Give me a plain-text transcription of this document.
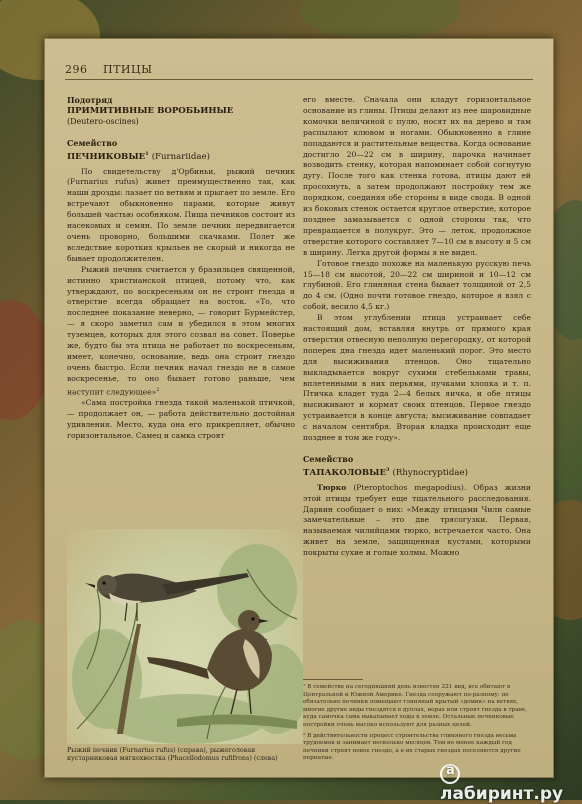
296 ПТИЦЫ

Подотряд

ПРИМИТИВНЫЕ ВОРОБЬИНЫЕ

(Deutero-oscines)

Семейство

ПЕЧНИКОВЫЕ$^1$ (Furnariidae)

По свидетельству д'Орбиньи, рыжий печник (Furnarius rufus) живет преимущественно так, как наши дрозды: лазает по ветвям и прыгает по земле. Его встречают обыкновенно парами, которые живут большей частью особняком. Пища печников состоит из насекомых и семян. По земле печник передвигается очень проворно, большими скачками. Полет же вследствие коротких крыльев не скорый и никогда не бывает продолжителен.

Рыжий печник считается у бразильцев священной, истинно христианской птицей, потому что, как утверждают, по воскресеньям он не строит гнезда и отверстие всегда обращает на восток. «То, что последнее показание неверно, — говорит Бурмейстер, — я скоро заметил сам и убедился в этом многих туземцев, которых для этого созвал на совет. Поверье же, будто бы эта птица не работает по воскресеньям, имеет, конечно, основание, ведь она строит гнездо очень быстро. Если печник начал гнездо не в самое воскресенье, то оно бывает готово раньше, чем наступит следующее»$^2$

«Сама постройка гнезда такой маленькой птичкой, — продолжает он, — работа действительно достойная удивления. Место, куда она его прикрепляет, обычно горизонтальное. Самец и самка строят

его вместе. Сначала они кладут горизонтальное основание из глины. Птицы делают из нее шаровидные комочки величиной с пулю, носят их на дерево и там распылают клювом и ногами. Обыкновенно в глине попадаются и растительные вещества. Когда основание достигло 20—22 см в ширину, парочка начинает возводить стенку, которая напоминает собой согнутую дугу. После того как стенка готова, птицы дают ей просохнуть, а затем продолжают постройку тем же порядком, соединяя обе стороны в виде свода. В одной из боковых стенок остается круглое отверстие, которое позднее замазывается с одной стороны так, что превращается в полукруг. Это — леток, продолжное отверстие которого составляет 7—10 см в высоту и 5 см в ширину. Легка другой формы я не видел.

Готовое гнездо похоже на маленькую русскую печь 15—18 см высотой, 20—22 см шириной и 10—12 см глубиной. Его глиняная стена бывает толщиной от 2,5 до 4 см. (Одно почти готовое гнездо, которое я взял с собой, весило 4,5 кг.)

В этом углублении птица устраивает себе настоящий дом, вставляя внутрь от прямого края отверстия отвесную неполную перегородку, от которой поперек дна гнезда идет маленький порог. Это место для высиживания птенцов. Оно тщательно выкладывается вокруг сухими стебельками травы, вплетенными в них перьями, пучками хлопка и т. п. Птичка кладет туда 2—4 белых яичка, и обе птицы высиживают и кормят своих птенцов. Первое гнездо устраивается в конце августа; высиживание совпадает с началом сентября. Вторая кладка происходит еще позднее в том же году».

Семейство

ТАПАКОЛОВЫЕ$^3$ (Rhynocryptidae)

Тюрко (Pteroptochos megapodius). Образ жизни этой птицы требует еще тщательного расследования. Дарвин сообщает о них: «Между птицами Чили самые замечательные – это две трясогузки. Первая, называемая чилийцами тюрко, встречается часто. Она живет на земле, защищенная кустами, которыми покрыты сухие и голые холмы. Можно

Рыжий печник (Furnarius rufus) (справа), рыжеголовая кустарниковая мягкохвостка (Phacellodomus rufifrons) (слева)

¹ В семействе на сегодняшний день известен 221 вид, все обитают в Центральной и Южной Америке. Гнезда сооружают по-разному: не обязательно печники помещают глиняный крытый «домик» на ветвях, многие другие виды гнездятся в дуплах, норах или строят гнезда в траве, куда самочка сама выкапывает ходы в земле. Остальные печниковые постройки очень высоко используют для разных целей.

² В действительности процесс строительства глиняного гнезда весьма трудоемок и занимает несколько месяцев. Тем не менее каждый год печники строят новое гнездо, а в их старых гнездах поселяются другие пернатые.

aлабиринт.ру
